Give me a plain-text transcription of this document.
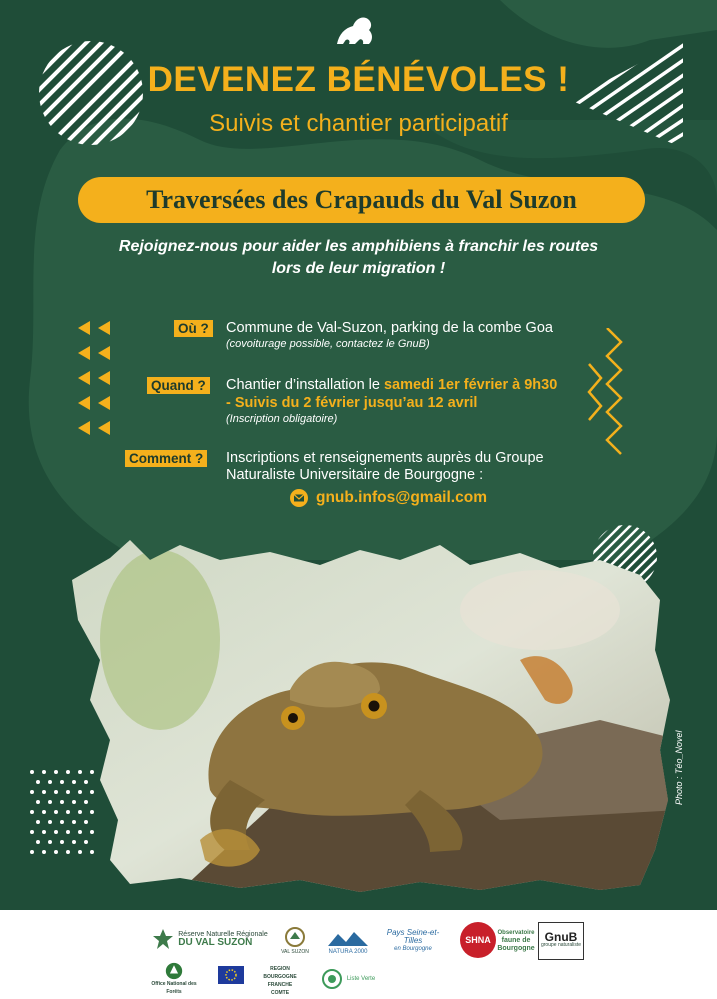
DEVENEZ BÉNÉVOLES !
Suivis et chantier participatif
Traversées des Crapauds du Val Suzon
Rejoignez-nous pour aider les amphibiens à franchir les routes
lors de leur migration !
Où ? Commune de Val-Suzon, parking de la combe Goa
(covoiturage possible, contactez le GnuB)
Quand ? Chantier d’installation le samedi 1er février à 9h30
- Suivis du 2 février jusqu’au 12 avril
(Inscription obligatoire)
Comment ? Inscriptions et renseignements auprès du Groupe
Naturaliste Universitaire de Bourgogne :
gnub.infos@gmail.com
Photo : Téo_Novel
Réserve Naturelle Régionale
DU VAL SUZON
VAL SUZON	NATURA 2000
Pays Seine-et-Tilles
en Bourgogne
SHNA
Observatoire
faune de Bourgogne
GnuB
groupe naturaliste
Office National des Forêts
REGION
BOURGOGNE FRANCHE COMTE
Liste Verte
